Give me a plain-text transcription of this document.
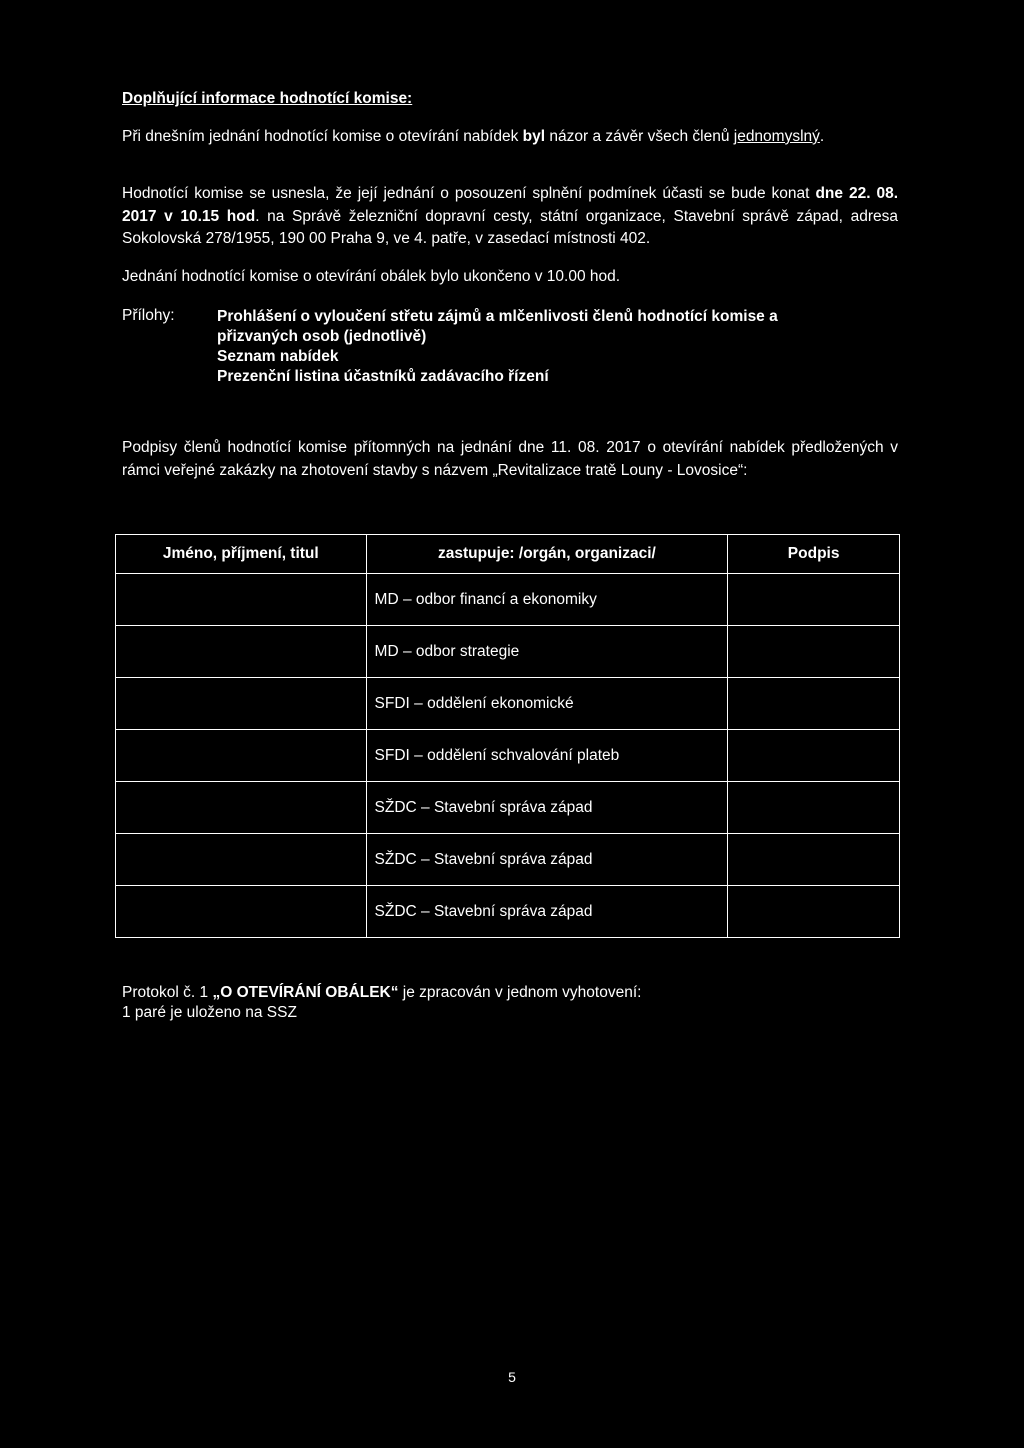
Doplňující informace hodnotící komise:
Při dnešním jednání hodnotící komise o otevírání nabídek byl názor a závěr všech členů jednomyslný.
Hodnotící komise se usnesla, že její jednání o posouzení splnění podmínek účasti se bude konat dne 22. 08. 2017 v 10.15 hod. na Správě železniční dopravní cesty, státní organizace, Stavební správě západ, adresa Sokolovská 278/1955, 190 00 Praha 9, ve 4. patře, v zasedací místnosti 402.
Jednání hodnotící komise o otevírání obálek bylo ukončeno v 10.00 hod.
Přílohy:	Prohlášení o vyloučení střetu zájmů a mlčenlivosti členů hodnotící komise a
přizvaných osob (jednotlivě)
Seznam nabídek
Prezenční listina účastníků zadávacího řízení
Podpisy členů hodnotící komise přítomných na jednání dne 11. 08. 2017 o otevírání nabídek předložených v rámci veřejné zakázky na zhotovení stavby s názvem „Revitalizace tratě Louny - Lovosice“:
Protokol č. 1 „O OTEVÍRÁNÍ OBÁLEK“ je zpracován v jednom vyhotovení:
1 paré je uloženo na SSZ
Jméno, příjmení, titul	zastupuje: /orgán, organizaci/	Podpis
	MD – odbor financí a ekonomiky	
	MD – odbor strategie	
	SFDI – oddělení ekonomické	
	SFDI – oddělení schvalování plateb	
	SŽDC – Stavební správa západ	
	SŽDC – Stavební správa západ	
	SŽDC – Stavební správa západ	
5
